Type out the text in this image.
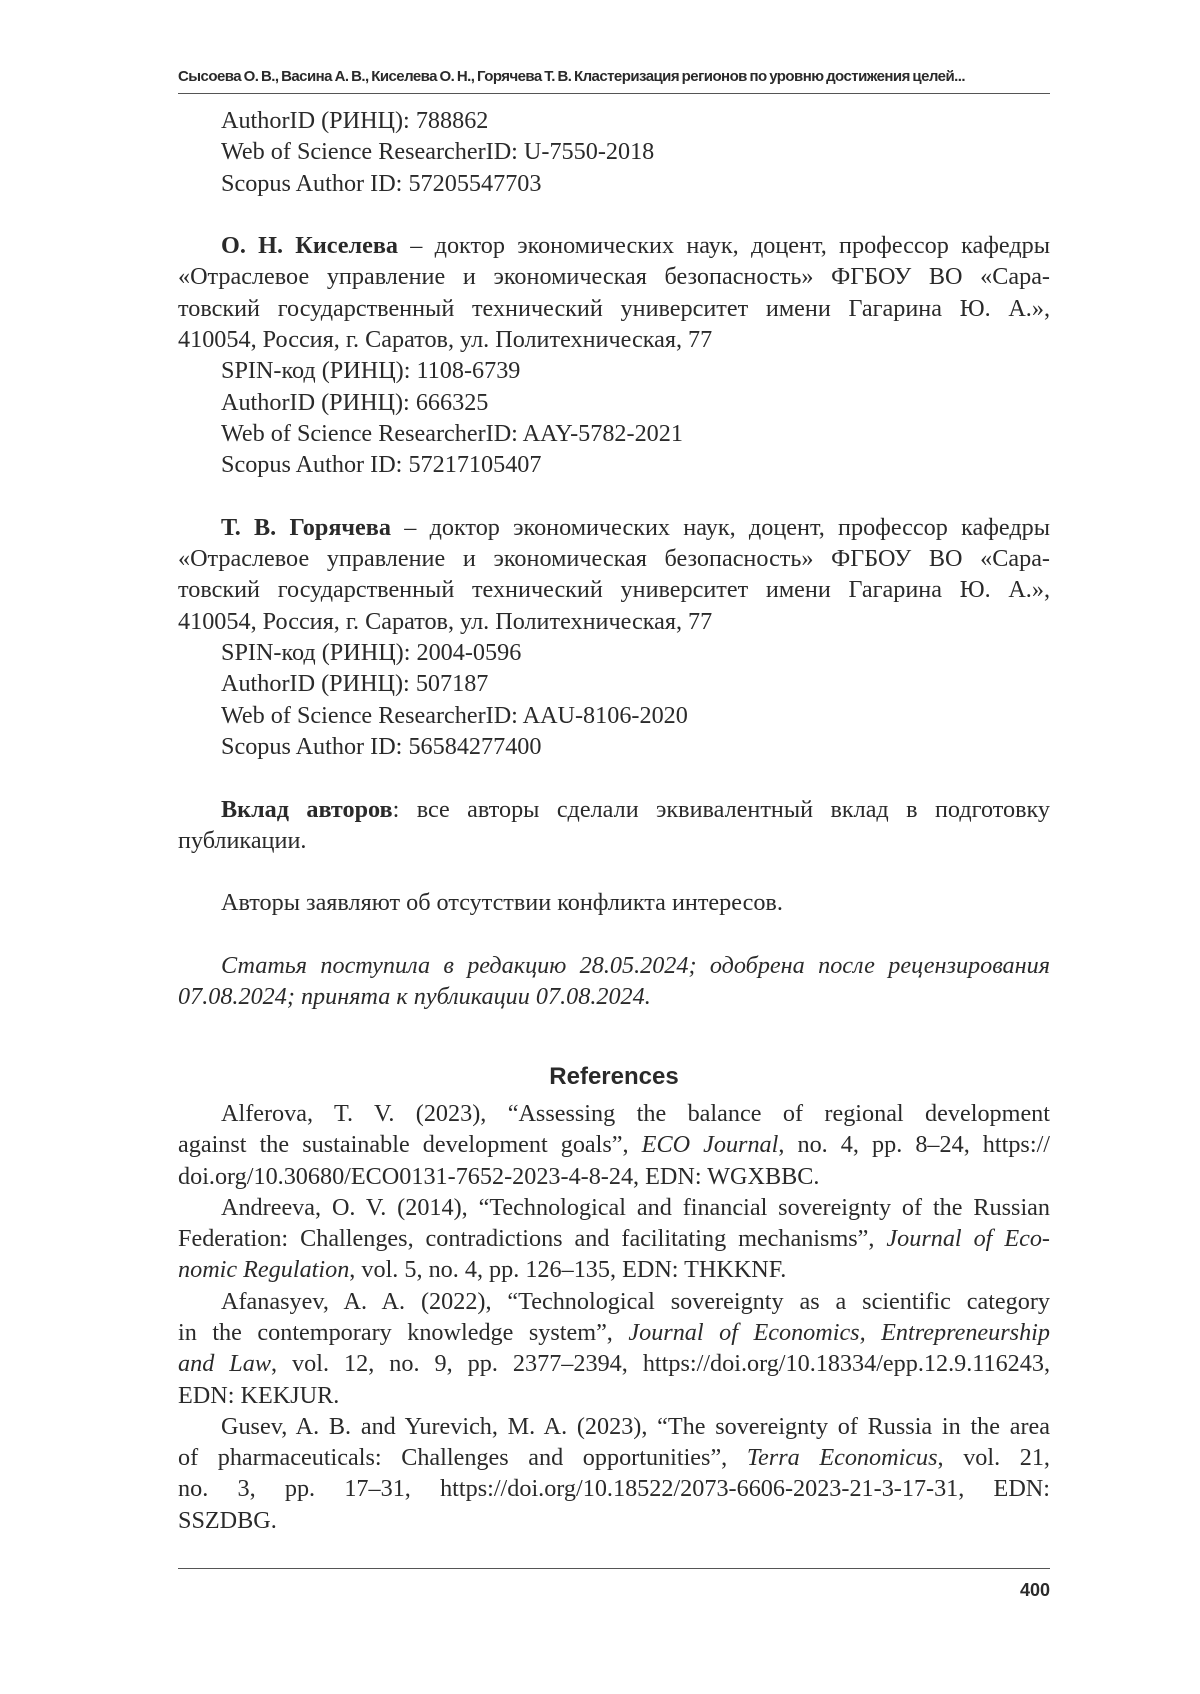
Сысоева О. В., Васина А. В., Киселева О. Н., Горячева Т. В. Кластеризация регионов по уровню достижения целей...
AuthorID (РИНЦ): 788862
Web of Science ResearcherID: U-7550-2018
Scopus Author ID: 57205547703
О. Н. Киселева – доктор экономических наук, доцент, профессор кафедры
«Отраслевое управление и экономическая безопасность» ФГБОУ ВО «Сара-
товский государственный технический университет имени Гагарина Ю. А.»,
410054, Россия, г. Саратов, ул. Политехническая, 77
SPIN-код (РИНЦ): 1108-6739
AuthorID (РИНЦ): 666325
Web of Science ResearcherID: AAY-5782-2021
Scopus Author ID: 57217105407
Т. В. Горячева – доктор экономических наук, доцент, профессор кафедры
«Отраслевое управление и экономическая безопасность» ФГБОУ ВО «Сара-
товский государственный технический университет имени Гагарина Ю. А.»,
410054, Россия, г. Саратов, ул. Политехническая, 77
SPIN-код (РИНЦ): 2004-0596
AuthorID (РИНЦ): 507187
Web of Science ResearcherID: AAU-8106-2020
Scopus Author ID: 56584277400
Вклад авторов: все авторы сделали эквивалентный вклад в подготовку
публикации.
Авторы заявляют об отсутствии конфликта интересов.
Статья поступила в редакцию 28.05.2024; одобрена после рецензирования
07.08.2024; принята к публикации 07.08.2024.
References
Alferova, T. V. (2023), “Assessing the balance of regional development
against the sustainable development goals”, ECO Journal, no. 4, pp. 8–24, https://
doi.org/10.30680/ECO0131-7652-2023-4-8-24, EDN: WGXBBC.
Andreeva, O. V. (2014), “Technological and financial sovereignty of the Russian
Federation: Challenges, contradictions and facilitating mechanisms”, Journal of Eco-
nomic Regulation, vol. 5, no. 4, pp. 126–135, EDN: THKKNF.
Afanasyev, A. A. (2022), “Technological sovereignty as a scientific category
in the contemporary knowledge system”, Journal of Economics, Entrepreneurship
and Law, vol. 12, no. 9, pp. 2377–2394, https://doi.org/10.18334/epp.12.9.116243,
EDN: KEKJUR.
Gusev, A. B. and Yurevich, M. A. (2023), “The sovereignty of Russia in the area
of pharmaceuticals: Challenges and opportunities”, Terra Economicus, vol. 21,
no. 3, pp. 17–31, https://doi.org/10.18522/2073-6606-2023-21-3-17-31, EDN:
SSZDBG.
400
